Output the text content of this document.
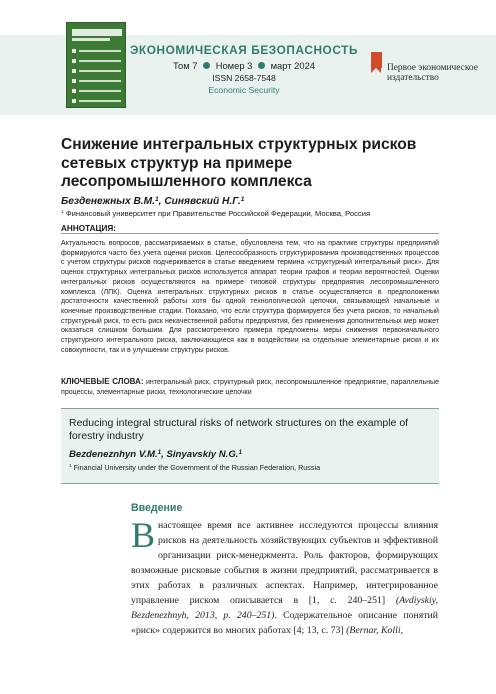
ЭКОНОМИЧЕСКАЯ БЕЗОПАСНОСТЬ
Том 7 Номер 3 март 2024
ISSN 2658-7548
Economic Security
Первое экономическое издательство
Снижение интегральных структурных рисков сетевых структур на примере лесопромышленного комплекса
Безденежных В.М.$^1$, Синявский Н.Г.$^1$
$^1$ Финансовый университет при Правительстве Российской Федерации, Москва, Россия
АННОТАЦИЯ:

Актуальность вопросов, рассматриваемых в статье, обусловлена тем, что на практике структуры предприятий формируются часто без учета оценки рисков. Целесообразность структурирования производственных процессов с учетом структуры рисков подчеркивается в статье введением термина «структурный интегральный риск». Для оценок структурных интегральных рисков используется аппарат теории графов и теории вероятностей. Оценки интегральных рисков осуществляются на примере типовой структуры предприятия лесопромышленного комплекса (ЛПК). Оценка интегральных структурных рисков в статье осуществляется в предположении достаточности качественной работы хотя бы одной технологической цепочки, связывающей начальные и конечные производственные стадии. Показано, что если структура формируется без учета рисков, то начальный структурный риск, то есть риск некачественной работы предприятия, без применения дополнительных мер может оказаться слишком большим. Для рассмотренного примера предложены меры снижения первоначального структурного интегрального риска, заключающиеся как в воздействии на отдельные элементарные риски и их совокупности, так и в улучшении структуры рисков.

КЛЮЧЕВЫЕ СЛОВА: интегральный риск, структурный риск, лесопромышленное предприятие, параллельные процессы, элементарные риски, технологические цепочки

Reducing integral structural risks of network structures on the example of forestry industry
Bezdeneznhyn V.M.$^1$, Sinyavskiy N.G.$^1$
$^1$ Financial University under the Government of the Russian Federation, Russia
Введение

В настоящее время все активнее исследуются процессы влияния рисков на деятельность хозяйствующих субъектов и эффективной организации риск-менеджмента. Роль факторов, формирующих возможные рисковые события в жизни предприятий, рассматривается в этих работах в различных аспектах. Например, интегрированное управление риском описывается в [1, с. 240–251] (Avdiyskiy, Bezdenezhnyh, 2013, p. 240–251). Содержательное описание понятий «риск» содержится во многих работах [4; 13, с. 73] (Bernar, Kolli,
